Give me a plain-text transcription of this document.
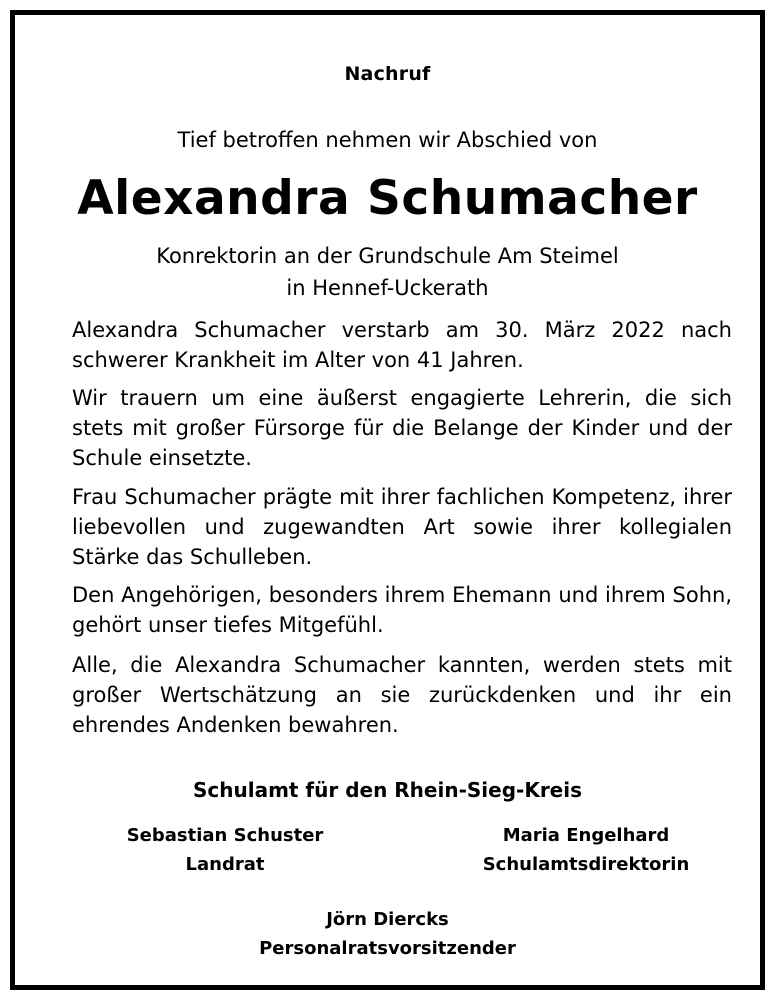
Nachruf
Tief betroffen nehmen wir Abschied von
Alexandra Schumacher
Konrektorin an der Grundschule Am Steimel
in Hennef-Uckerath
Alexandra Schumacher verstarb am 30. März 2022 nach schwerer Krankheit im Alter von 41 Jahren.
Wir trauern um eine äußerst engagierte Lehrerin, die sich stets mit großer Fürsorge für die Belange der Kinder und der Schule einsetzte.
Frau Schumacher prägte mit ihrer fachlichen Kompetenz, ihrer liebevollen und zugewandten Art sowie ihrer kollegialen Stärke das Schulleben.
Den Angehörigen, besonders ihrem Ehemann und ihrem Sohn, gehört unser tiefes Mitgefühl.
Alle, die Alexandra Schumacher kannten, werden stets mit großer Wertschätzung an sie zurückdenken und ihr ein ehrendes Andenken bewahren.
Schulamt für den Rhein-Sieg-Kreis
Sebastian Schuster
Landrat
Maria Engelhard
Schulamtsdirektorin
Jörn Diercks
Personalratsvorsitzender
